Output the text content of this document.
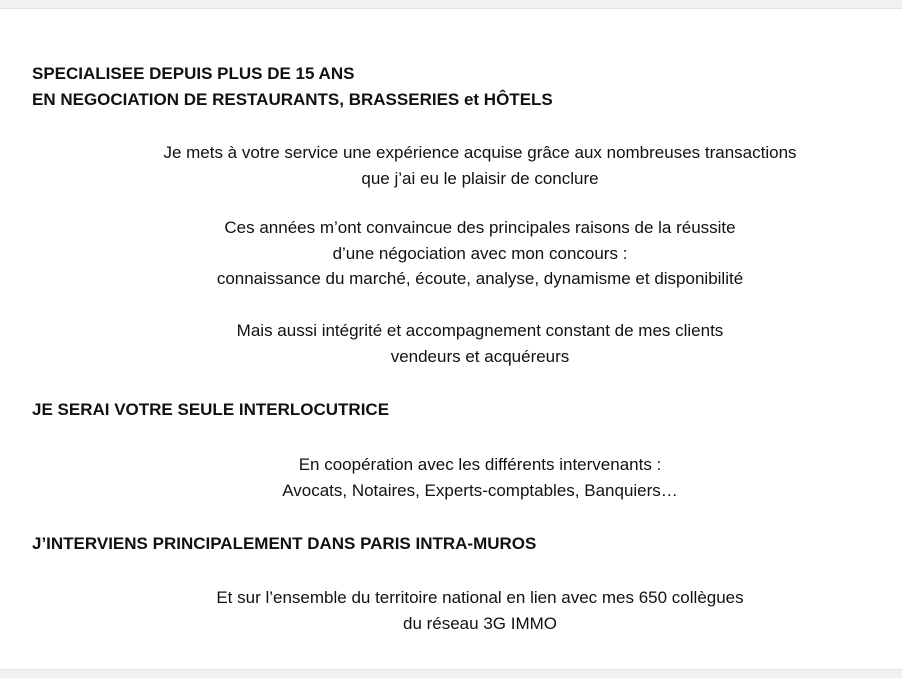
SPECIALISEE DEPUIS PLUS DE 15 ANS
EN NEGOCIATION DE RESTAURANTS, BRASSERIES et HÔTELS
Je mets à votre service une expérience acquise grâce aux nombreuses transactions
que j’ai eu le plaisir de conclure
Ces années m’ont convaincue des principales raisons de la réussite
d’une négociation avec mon concours :
connaissance du marché, écoute, analyse, dynamisme et disponibilité
Mais aussi intégrité et accompagnement constant de mes clients
vendeurs et acquéreurs
JE SERAI VOTRE SEULE INTERLOCUTRICE
En coopération avec les différents intervenants :
Avocats, Notaires, Experts-comptables, Banquiers…
J’INTERVIENS PRINCIPALEMENT DANS PARIS INTRA-MUROS
Et sur l’ensemble du territoire national en lien avec mes 650 collègues
du réseau 3G IMMO
